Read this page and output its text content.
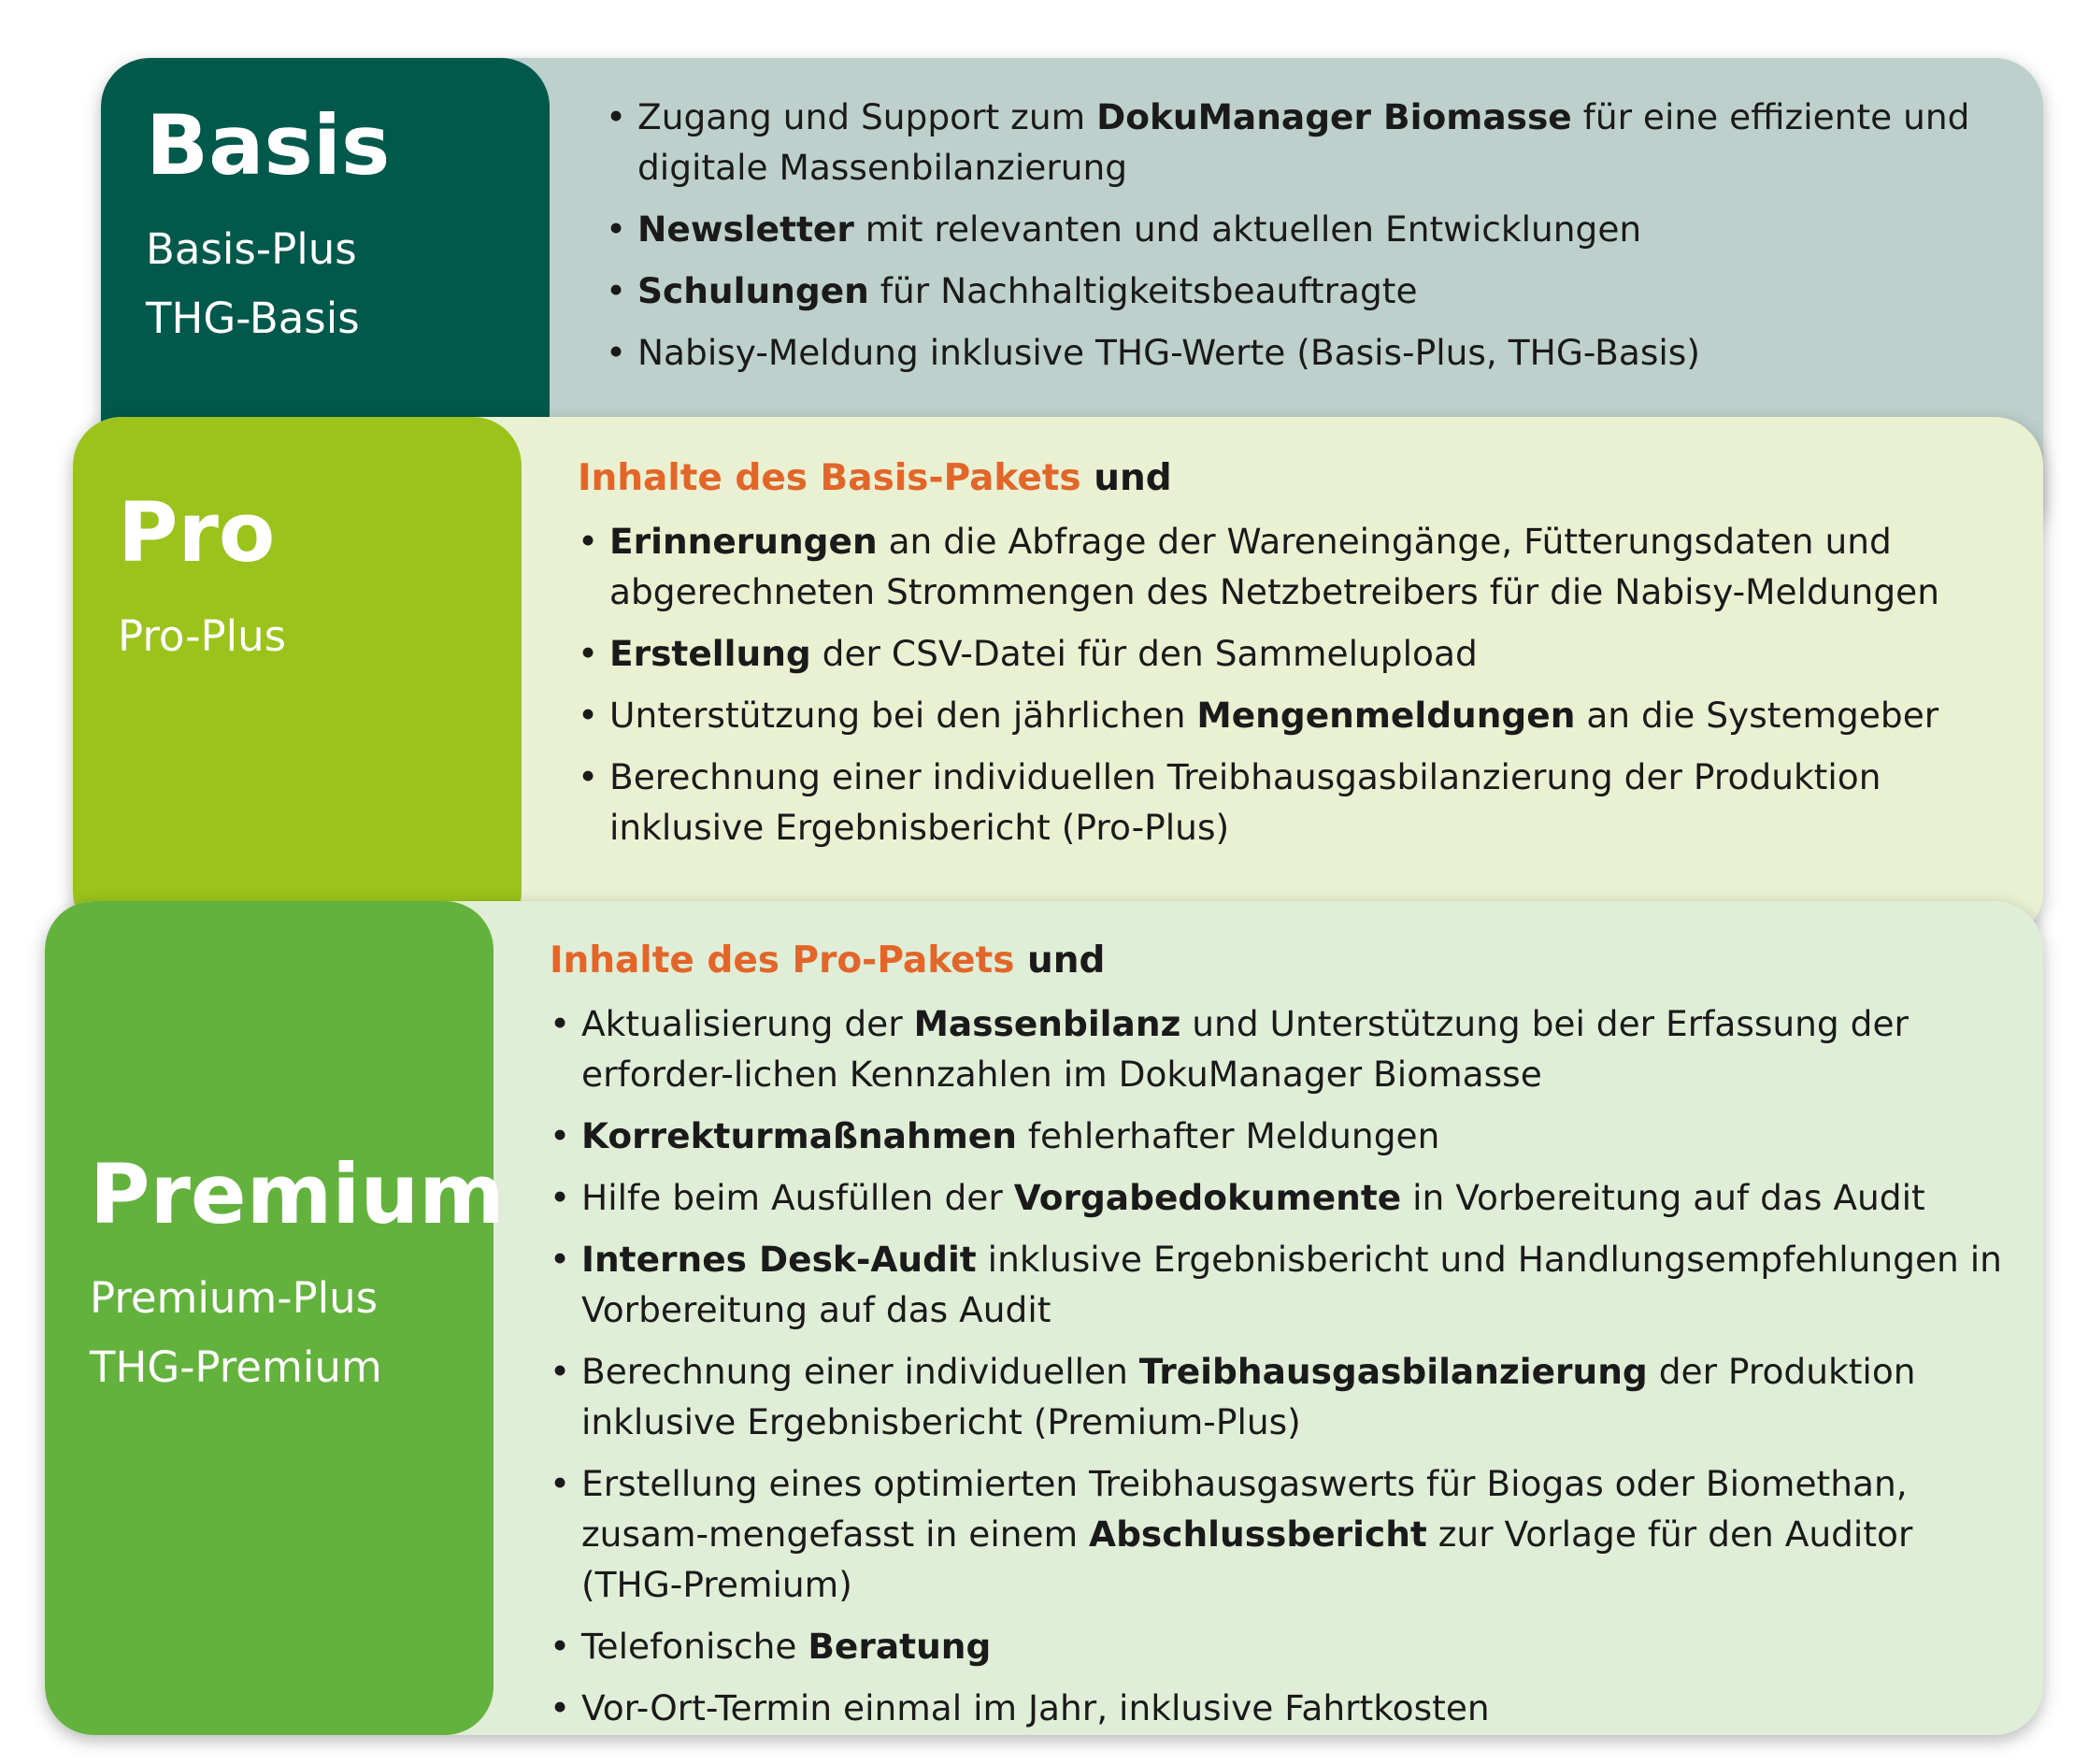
Basis

Basis-Plus

THG-Basis

• Zugang und Support zum DokuManager Biomasse für eine effiziente und digitale Massenbilanzierung
• Newsletter mit relevanten und aktuellen Entwicklungen
• Schulungen für Nachhaltigkeitsbeauftragte
• Nabisy-Meldung inklusive THG-Werte (Basis-Plus, THG-Basis)

Pro

Pro-Plus

Inhalte des Basis-Pakets und

• Erinnerungen an die Abfrage der Wareneingänge, Fütterungsdaten und abgerechneten Strommengen des Netzbetreibers für die Nabisy-Meldungen
• Erstellung der CSV-Datei für den Sammelupload
• Unterstützung bei den jährlichen Mengenmeldungen an die Systemgeber
• Berechnung einer individuellen Treibhausgasbilanzierung der Produktion inklusive Ergebnisbericht (Pro-Plus)

Premium

Premium-Plus

THG-Premium

Inhalte des Pro-Pakets und

• Aktualisierung der Massenbilanz und Unterstützung bei der Erfassung der erforder-lichen Kennzahlen im DokuManager Biomasse
• Korrekturmaßnahmen fehlerhafter Meldungen
• Hilfe beim Ausfüllen der Vorgabedokumente in Vorbereitung auf das Audit
• Internes Desk-Audit inklusive Ergebnisbericht und Handlungsempfehlungen in Vorbereitung auf das Audit
• Berechnung einer individuellen Treibhausgasbilanzierung der Produktion inklusive Ergebnisbericht (Premium-Plus)
• Erstellung eines optimierten Treibhausgaswerts für Biogas oder Biomethan, zusam-mengefasst in einem Abschlussbericht zur Vorlage für den Auditor (THG-Premium)
• Telefonische Beratung
• Vor-Ort-Termin einmal im Jahr, inklusive Fahrtkosten
